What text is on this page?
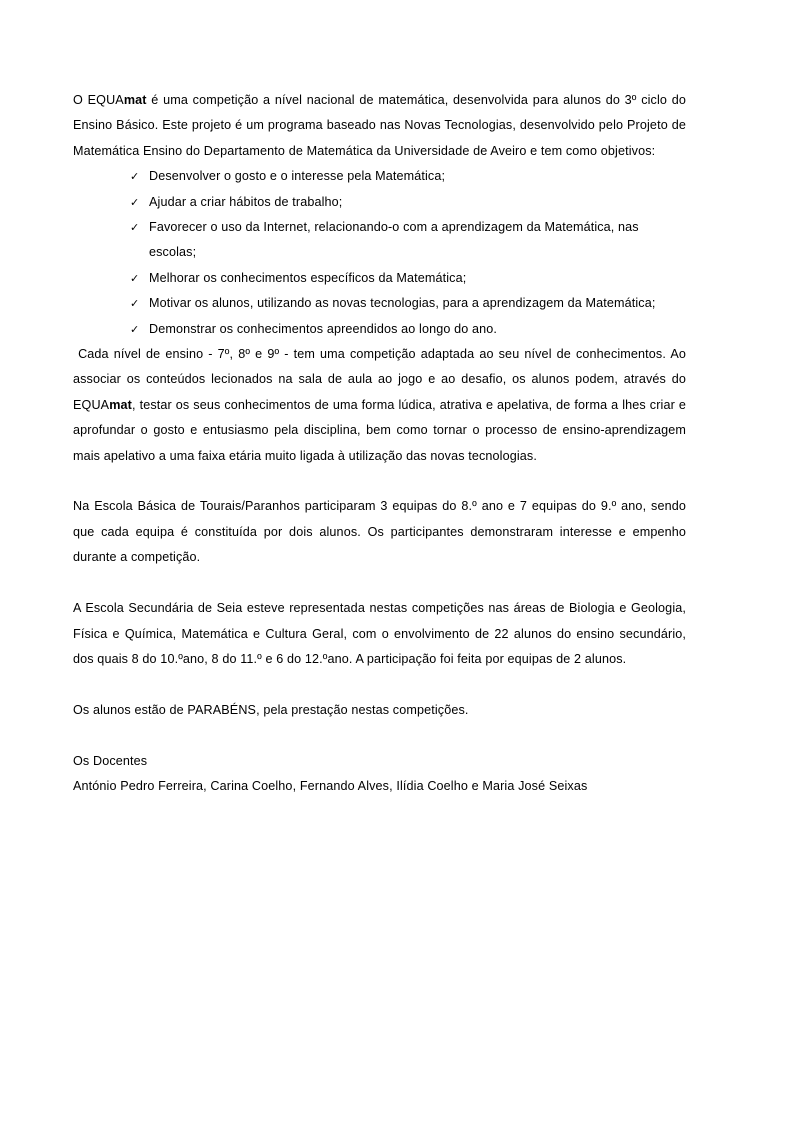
O EQUAmat é uma competição a nível nacional de matemática, desenvolvida para alunos do 3º ciclo do Ensino Básico. Este projeto é um programa baseado nas Novas Tecnologias, desenvolvido pelo Projeto de Matemática Ensino do Departamento de Matemática da Universidade de Aveiro e tem como objetivos:

✓ Desenvolver o gosto e o interesse pela Matemática;
✓ Ajudar a criar hábitos de trabalho;
✓ Favorecer o uso da Internet, relacionando-o com a aprendizagem da Matemática, nas escolas;
✓ Melhorar os conhecimentos específicos da Matemática;
✓ Motivar os alunos, utilizando as novas tecnologias, para a aprendizagem da Matemática;
✓ Demonstrar os conhecimentos apreendidos ao longo do ano.

Cada nível de ensino - 7º, 8º e 9º - tem uma competição adaptada ao seu nível de conhecimentos. Ao associar os conteúdos lecionados na sala de aula ao jogo e ao desafio, os alunos podem, através do EQUAmat, testar os seus conhecimentos de uma forma lúdica, atrativa e apelativa, de forma a lhes criar e aprofundar o gosto e entusiasmo pela disciplina, bem como tornar o processo de ensino-aprendizagem mais apelativo a uma faixa etária muito ligada à utilização das novas tecnologias.

Na Escola Básica de Tourais/Paranhos participaram 3 equipas do 8.º ano e 7 equipas do 9.º ano, sendo que cada equipa é constituída por dois alunos. Os participantes demonstraram interesse e empenho durante a competição.

A Escola Secundária de Seia esteve representada nestas competições nas áreas de Biologia e Geologia, Física e Química, Matemática e Cultura Geral, com o envolvimento de 22 alunos do ensino secundário, dos quais 8 do 10.ºano, 8 do 11.º e 6 do 12.ºano. A participação foi feita por equipas de 2 alunos.

Os alunos estão de PARABÉNS, pela prestação nestas competições.

Os Docentes

António Pedro Ferreira, Carina Coelho, Fernando Alves, Ilídia Coelho e Maria José Seixas
